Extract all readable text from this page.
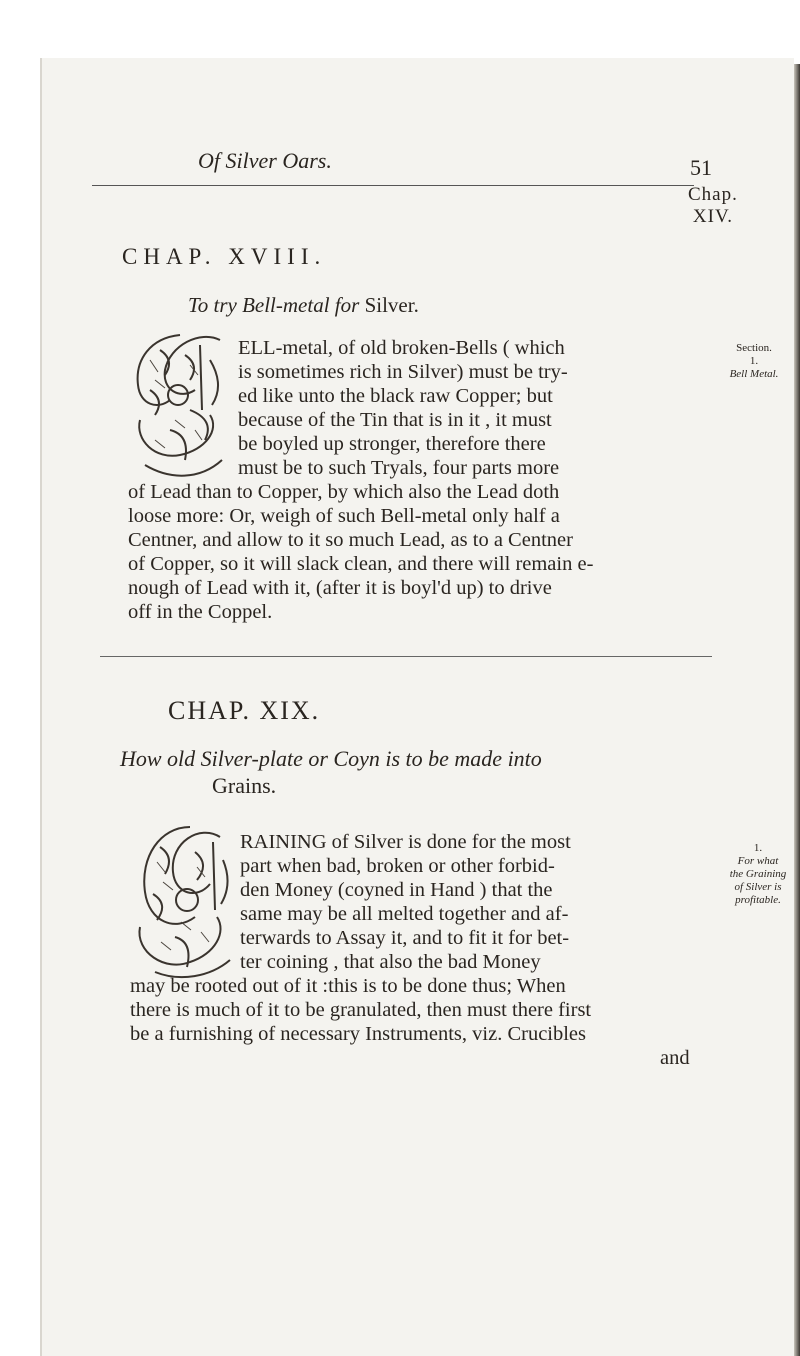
Of Silver Oars.	51
Chap.
XIV.
CHAP. XVIII.
To try Bell-metal for Silver.
Section.
1.
Bell Metal.
ELL-metal, of old broken-Bells ( which
is sometimes rich in Silver) must be try-
ed like unto the black raw Copper; but
because of the Tin that is in it , it must
be boyled up stronger, therefore there
must be to such Tryals, four parts more
of Lead than to Copper, by which also the Lead doth
loose more: Or, weigh of such Bell-metal only half a
Centner, and allow to it so much Lead, as to a Centner
of Copper, so it will slack clean, and there will remain e-
nough of Lead with it, (after it is boyl'd up) to drive
off in the Coppel.
CHAP. XIX.
How old Silver-plate or Coyn is to be made into
Grains.
1.
For what
the Graining
of Silver is
profitable.
RAINING of Silver is done for the most
part when bad, broken or other forbid-
den Money (coyned in Hand ) that the
same may be all melted together and af-
terwards to Assay it, and to fit it for bet-
ter coining , that also the bad Money
may be rooted out of it :this is to be done thus; When
there is much of it to be granulated, then must there first
be a furnishing of necessary Instruments, viz. Crucibles
and
